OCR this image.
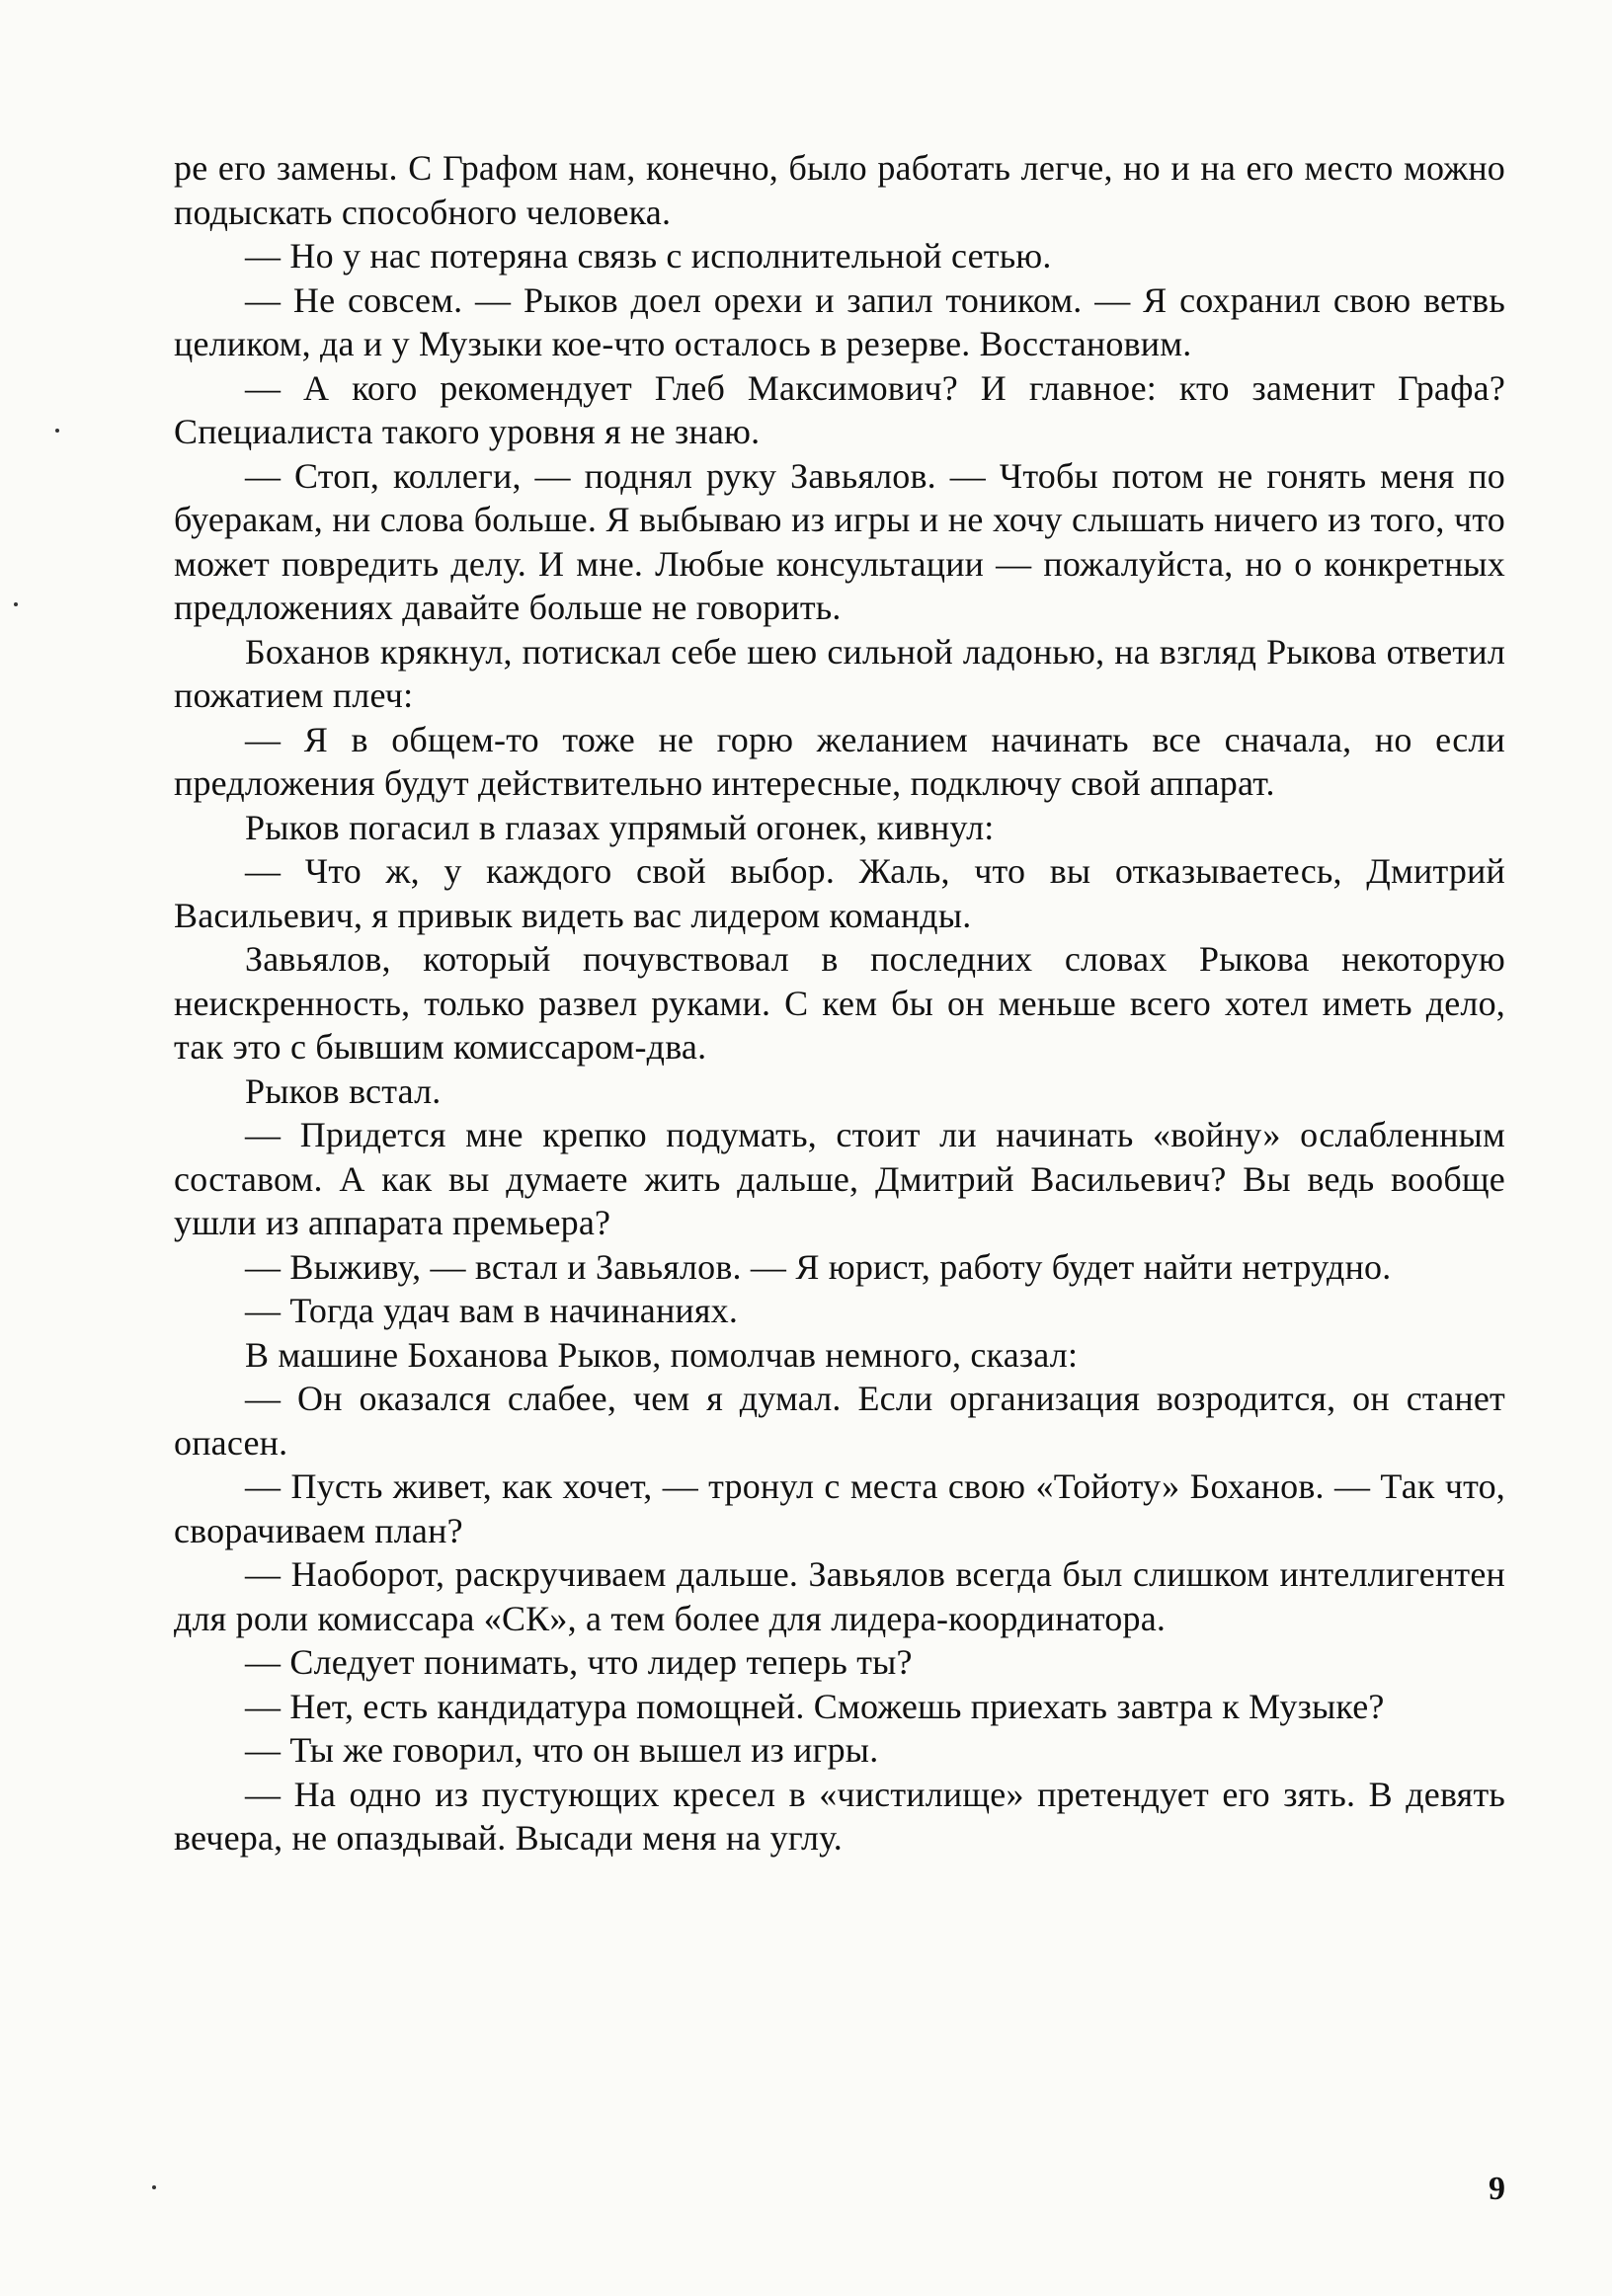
ре его замены. С Графом нам, конечно, было работать легче, но и на его место можно подыскать способного человека.

— Но у нас потеряна связь с исполнительной сетью.

— Не совсем. — Рыков доел орехи и запил тоником. — Я сохранил свою ветвь целиком, да и у Музыки кое-что осталось в резерве. Восстановим.

— А кого рекомендует Глеб Максимович? И главное: кто заменит Графа? Специалиста такого уровня я не знаю.

— Стоп, коллеги, — поднял руку Завьялов. — Чтобы потом не гонять меня по буеракам, ни слова больше. Я выбываю из игры и не хочу слышать ничего из того, что может повредить делу. И мне. Любые консультации — пожалуйста, но о конкретных предложениях давайте больше не говорить.

Боханов крякнул, потискал себе шею сильной ладонью, на взгляд Рыкова ответил пожатием плеч:

— Я в общем-то тоже не горю желанием начинать все сначала, но если предложения будут действительно интересные, подключу свой аппарат.

Рыков погасил в глазах упрямый огонек, кивнул:

— Что ж, у каждого свой выбор. Жаль, что вы отказываетесь, Дмитрий Васильевич, я привык видеть вас лидером команды.

Завьялов, который почувствовал в последних словах Рыкова некоторую неискренность, только развел руками. С кем бы он меньше всего хотел иметь дело, так это с бывшим комиссаром-два.

Рыков встал.

— Придется мне крепко подумать, стоит ли начинать «войну» ослабленным составом. А как вы думаете жить дальше, Дмитрий Васильевич? Вы ведь вообще ушли из аппарата премьера?

— Выживу, — встал и Завьялов. — Я юрист, работу будет найти нетрудно.

— Тогда удач вам в начинаниях.

В машине Боханова Рыков, помолчав немного, сказал:

— Он оказался слабее, чем я думал. Если организация возродится, он станет опасен.

— Пусть живет, как хочет, — тронул с места свою «Тойоту» Боханов. — Так что, сворачиваем план?

— Наоборот, раскручиваем дальше. Завьялов всегда был слишком интеллигентен для роли комиссара «СК», а тем более для лидера-координатора.

— Следует понимать, что лидер теперь ты?

— Нет, есть кандидатура помощней. Сможешь приехать завтра к Музыке?

— Ты же говорил, что он вышел из игры.

— На одно из пустующих кресел в «чистилище» претендует его зять. В девять вечера, не опаздывай. Высади меня на углу.

9
